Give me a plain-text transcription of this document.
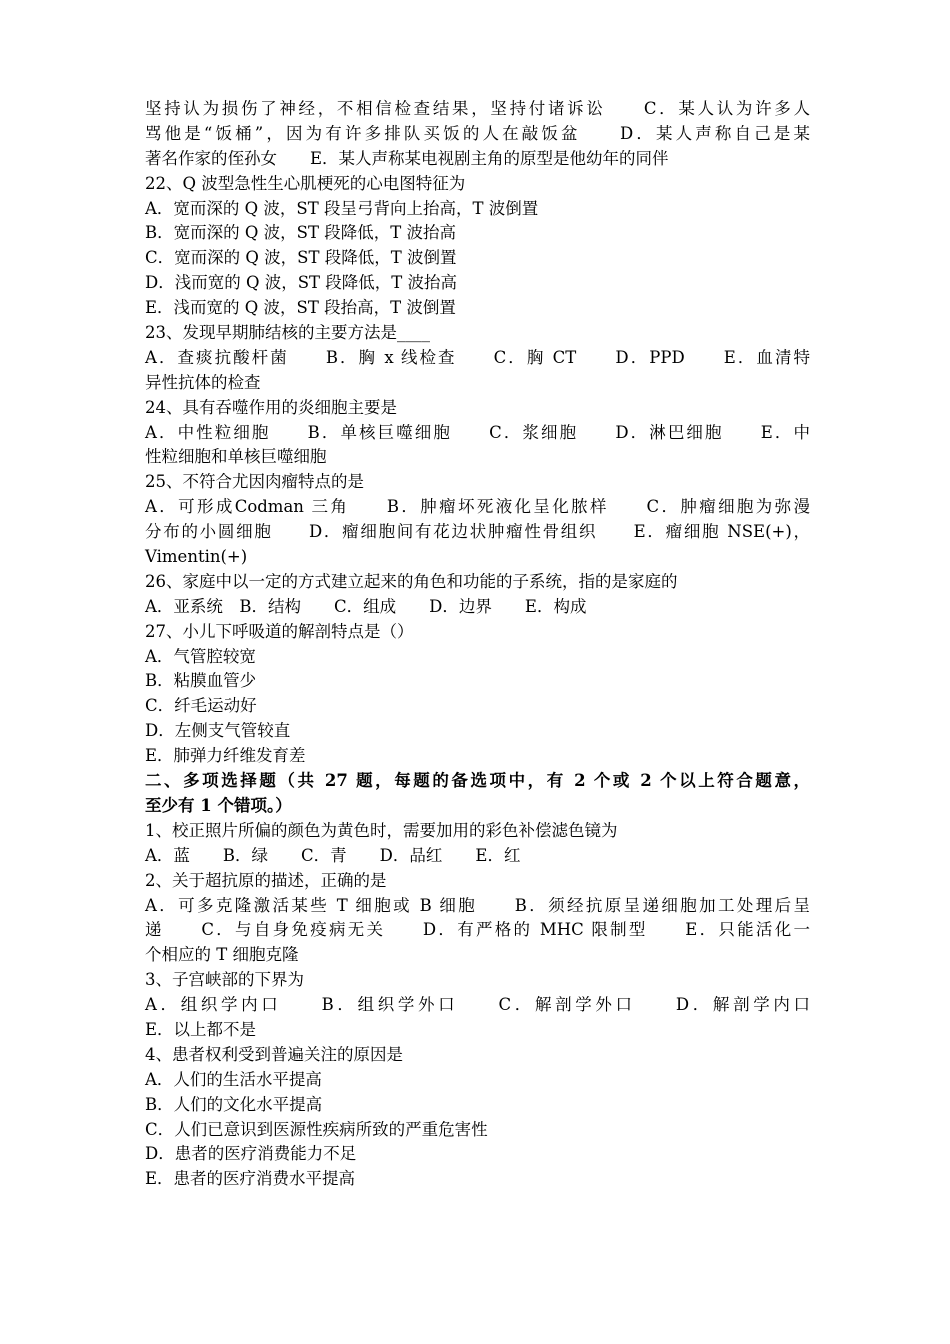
坚持认为损伤了神经，不相信检查结果，坚持付诸诉讼　　C．某人认为许多人
骂他是“饭桶”，因为有许多排队买饭的人在敲饭盆　　D．某人声称自己是某
著名作家的侄孙女　　E．某人声称某电视剧主角的原型是他幼年的同伴
22、Q 波型急性生心肌梗死的心电图特征为
A．宽而深的 Q 波，ST 段呈弓背向上抬高，T 波倒置
B．宽而深的 Q 波，ST 段降低，T 波抬高
C．宽而深的 Q 波，ST 段降低，T 波倒置
D．浅而宽的 Q 波，ST 段降低，T 波抬高
E．浅而宽的 Q 波，ST 段抬高，T 波倒置
23、发现早期肺结核的主要方法是____
A．查痰抗酸杆菌　　B．胸 x 线检查　　C．胸 CT　　D．PPD　　E．血清特
异性抗体的检查
24、具有吞噬作用的炎细胞主要是
A．中性粒细胞　　B．单核巨噬细胞　　C．浆细胞　　D．淋巴细胞　　E．中
性粒细胞和单核巨噬细胞
25、不符合尤因肉瘤特点的是
A．可形成Codman 三角　　B．肿瘤坏死液化呈化脓样　　C．肿瘤细胞为弥漫
分布的小圆细胞　　D．瘤细胞间有花边状肿瘤性骨组织　　E．瘤细胞 NSE(+)，
Vimentin(+)
26、家庭中以一定的方式建立起来的角色和功能的子系统，指的是家庭的
A．亚系统　B．结构　　C．组成　　D．边界　　E．构成
27、小儿下呼吸道的解剖特点是（）
A．气管腔较宽
B．粘膜血管少
C．纤毛运动好
D．左侧支气管较直
E．肺弹力纤维发育差
二、多项选择题（共 27 题，每题的备选项中，有 2 个或 2 个以上符合题意，
至少有 1 个错项。）
1、校正照片所偏的颜色为黄色时，需要加用的彩色补偿滤色镜为
A．蓝　　B．绿　　C．青　　D．品红　　E．红
2、关于超抗原的描述，正确的是
A．可多克隆激活某些 T 细胞或 B 细胞　　B．须经抗原呈递细胞加工处理后呈
递　　C．与自身免疫病无关　　D．有严格的 MHC 限制型　　E．只能活化一
个相应的 T 细胞克隆
3、子宫峡部的下界为
A．组织学内口　　B．组织学外口　　C．解剖学外口　　D．解剖学内口
E．以上都不是
4、患者权利受到普遍关注的原因是
A．人们的生活水平提高
B．人们的文化水平提高
C．人们已意识到医源性疾病所致的严重危害性
D．患者的医疗消费能力不足
E．患者的医疗消费水平提高
